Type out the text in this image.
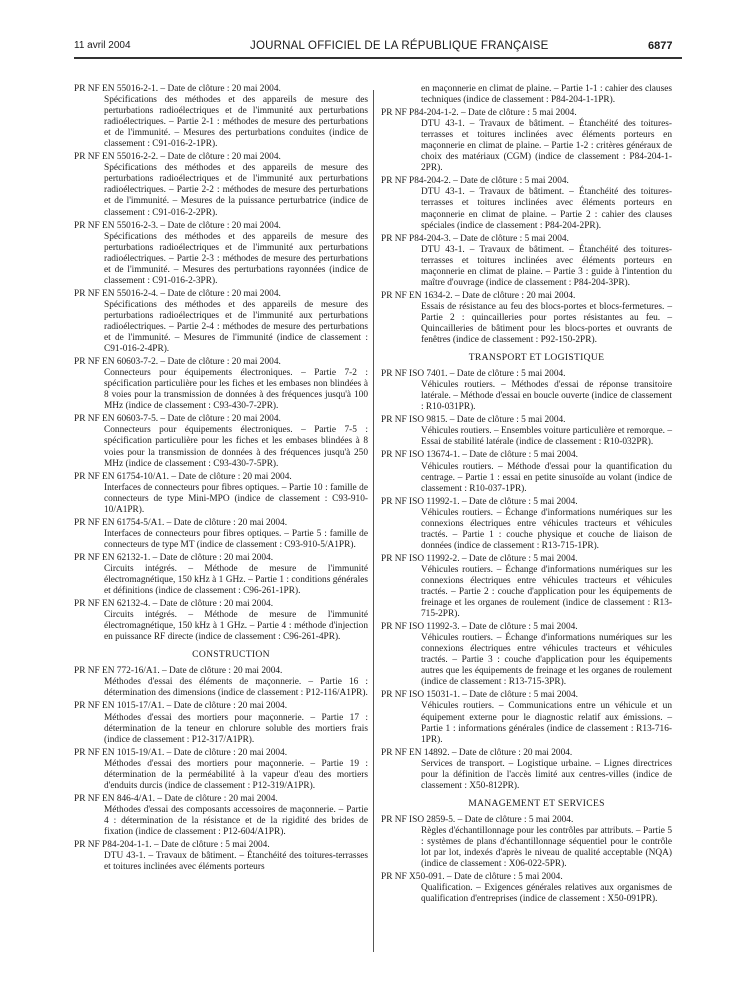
11 avril 2004	JOURNAL OFFICIEL DE LA RÉPUBLIQUE FRANÇAISE	6877
PR NF EN 55016-2-1. – Date de clôture : 20 mai 2004.
Spécifications des méthodes et des appareils de mesure des perturbations radioélectriques et de l'immunité aux perturbations radioélectriques. – Partie 2-1 : méthodes de mesure des perturbations et de l'immunité. – Mesures des perturbations conduites (indice de classement : C91-016-2-1PR).
PR NF EN 55016-2-2. – Date de clôture : 20 mai 2004.
Spécifications des méthodes et des appareils de mesure des perturbations radioélectriques et de l'immunité aux perturbations radioélectriques. – Partie 2-2 : méthodes de mesure des perturbations et de l'immunité. – Mesures de la puissance perturbatrice (indice de classement : C91-016-2-2PR).
PR NF EN 55016-2-3. – Date de clôture : 20 mai 2004.
Spécifications des méthodes et des appareils de mesure des perturbations radioélectriques et de l'immunité aux perturbations radioélectriques. – Partie 2-3 : méthodes de mesure des perturbations et de l'immunité. – Mesures des perturbations rayonnées (indice de classement : C91-016-2-3PR).
PR NF EN 55016-2-4. – Date de clôture : 20 mai 2004.
Spécifications des méthodes et des appareils de mesure des perturbations radioélectriques et de l'immunité aux perturbations radioélectriques. – Partie 2-4 : méthodes de mesure des perturbations et de l'immunité. – Mesures de l'immunité (indice de classement : C91-016-2-4PR).
PR NF EN 60603-7-2. – Date de clôture : 20 mai 2004.
Connecteurs pour équipements électroniques. – Partie 7-2 : spécification particulière pour les fiches et les embases non blindées à 8 voies pour la transmission de données à des fréquences jusqu'à 100 MHz (indice de classement : C93-430-7-2PR).
PR NF EN 60603-7-5. – Date de clôture : 20 mai 2004.
Connecteurs pour équipements électroniques. – Partie 7-5 : spécification particulière pour les fiches et les embases blindées à 8 voies pour la transmission de données à des fréquences jusqu'à 250 MHz (indice de classement : C93-430-7-5PR).
PR NF EN 61754-10/A1. – Date de clôture : 20 mai 2004.
Interfaces de connecteurs pour fibres optiques. – Partie 10 : famille de connecteurs de type Mini-MPO (indice de classement : C93-910-10/A1PR).
PR NF EN 61754-5/A1. – Date de clôture : 20 mai 2004.
Interfaces de connecteurs pour fibres optiques. – Partie 5 : famille de connecteurs de type MT (indice de classement : C93-910-5/A1PR).
PR NF EN 62132-1. – Date de clôture : 20 mai 2004.
Circuits intégrés. – Méthode de mesure de l'immunité électromagnétique, 150 kHz à 1 GHz. – Partie 1 : conditions générales et définitions (indice de classement : C96-261-1PR).
PR NF EN 62132-4. – Date de clôture : 20 mai 2004.
Circuits intégrés. – Méthode de mesure de l'immunité électromagnétique, 150 kHz à 1 GHz. – Partie 4 : méthode d'injection en puissance RF directe (indice de classement : C96-261-4PR).
CONSTRUCTION
PR NF EN 772-16/A1. – Date de clôture : 20 mai 2004.
Méthodes d'essai des éléments de maçonnerie. – Partie 16 : détermination des dimensions (indice de classement : P12-116/A1PR).
PR NF EN 1015-17/A1. – Date de clôture : 20 mai 2004.
Méthodes d'essai des mortiers pour maçonnerie. – Partie 17 : détermination de la teneur en chlorure soluble des mortiers frais (indice de classement : P12-317/A1PR).
PR NF EN 1015-19/A1. – Date de clôture : 20 mai 2004.
Méthodes d'essai des mortiers pour maçonnerie. – Partie 19 : détermination de la perméabilité à la vapeur d'eau des mortiers d'enduits durcis (indice de classement : P12-319/A1PR).
PR NF EN 846-4/A1. – Date de clôture : 20 mai 2004.
Méthodes d'essai des composants accessoires de maçonnerie. – Partie 4 : détermination de la résistance et de la rigidité des brides de fixation (indice de classement : P12-604/A1PR).
PR NF P84-204-1-1. – Date de clôture : 5 mai 2004.
DTU 43-1. – Travaux de bâtiment. – Étanchéité des toitures-terrasses et toitures inclinées avec éléments porteurs
en maçonnerie en climat de plaine. – Partie 1-1 : cahier des clauses techniques (indice de classement : P84-204-1-1PR).
PR NF P84-204-1-2. – Date de clôture : 5 mai 2004.
DTU 43-1. – Travaux de bâtiment. – Étanchéité des toitures-terrasses et toitures inclinées avec éléments porteurs en maçonnerie en climat de plaine. – Partie 1-2 : critères généraux de choix des matériaux (CGM) (indice de classement : P84-204-1-2PR).
PR NF P84-204-2. – Date de clôture : 5 mai 2004.
DTU 43-1. – Travaux de bâtiment. – Étanchéité des toitures-terrasses et toitures inclinées avec éléments porteurs en maçonnerie en climat de plaine. – Partie 2 : cahier des clauses spéciales (indice de classement : P84-204-2PR).
PR NF P84-204-3. – Date de clôture : 5 mai 2004.
DTU 43-1. – Travaux de bâtiment. – Étanchéité des toitures-terrasses et toitures inclinées avec éléments porteurs en maçonnerie en climat de plaine. – Partie 3 : guide à l'intention du maître d'ouvrage (indice de classement : P84-204-3PR).
PR NF EN 1634-2. – Date de clôture : 20 mai 2004.
Essais de résistance au feu des blocs-portes et blocs-fermetures. – Partie 2 : quincailleries pour portes résistantes au feu. – Quincailleries de bâtiment pour les blocs-portes et ouvrants de fenêtres (indice de classement : P92-150-2PR).
TRANSPORT ET LOGISTIQUE
PR NF ISO 7401. – Date de clôture : 5 mai 2004.
Véhicules routiers. – Méthodes d'essai de réponse transitoire latérale. – Méthode d'essai en boucle ouverte (indice de classement : R10-031PR).
PR NF ISO 9815. – Date de clôture : 5 mai 2004.
Véhicules routiers. – Ensembles voiture particulière et remorque. – Essai de stabilité latérale (indice de classement : R10-032PR).
PR NF ISO 13674-1. – Date de clôture : 5 mai 2004.
Véhicules routiers. – Méthode d'essai pour la quantification du centrage. – Partie 1 : essai en petite sinusoïde au volant (indice de classement : R10-037-1PR).
PR NF ISO 11992-1. – Date de clôture : 5 mai 2004.
Véhicules routiers. – Échange d'informations numériques sur les connexions électriques entre véhicules tracteurs et véhicules tractés. – Partie 1 : couche physique et couche de liaison de données (indice de classement : R13-715-1PR).
PR NF ISO 11992-2. – Date de clôture : 5 mai 2004.
Véhicules routiers. – Échange d'informations numériques sur les connexions électriques entre véhicules tracteurs et véhicules tractés. – Partie 2 : couche d'application pour les équipements de freinage et les organes de roulement (indice de classement : R13-715-2PR).
PR NF ISO 11992-3. – Date de clôture : 5 mai 2004.
Véhicules routiers. – Échange d'informations numériques sur les connexions électriques entre véhicules tracteurs et véhicules tractés. – Partie 3 : couche d'application pour les équipements autres que les équipements de freinage et les organes de roulement (indice de classement : R13-715-3PR).
PR NF ISO 15031-1. – Date de clôture : 5 mai 2004.
Véhicules routiers. – Communications entre un véhicule et un équipement externe pour le diagnostic relatif aux émissions. – Partie 1 : informations générales (indice de classement : R13-716-1PR).
PR NF EN 14892. – Date de clôture : 20 mai 2004.
Services de transport. – Logistique urbaine. – Lignes directrices pour la définition de l'accès limité aux centres-villes (indice de classement : X50-812PR).
MANAGEMENT ET SERVICES
PR NF ISO 2859-5. – Date de clôture : 5 mai 2004.
Règles d'échantillonnage pour les contrôles par attributs. – Partie 5 : systèmes de plans d'échantillonnage séquentiel pour le contrôle lot par lot, indexés d'après le niveau de qualité acceptable (NQA) (indice de classement : X06-022-5PR).
PR NF X50-091. – Date de clôture : 5 mai 2004.
Qualification. – Exigences générales relatives aux organismes de qualification d'entreprises (indice de classement : X50-091PR).
